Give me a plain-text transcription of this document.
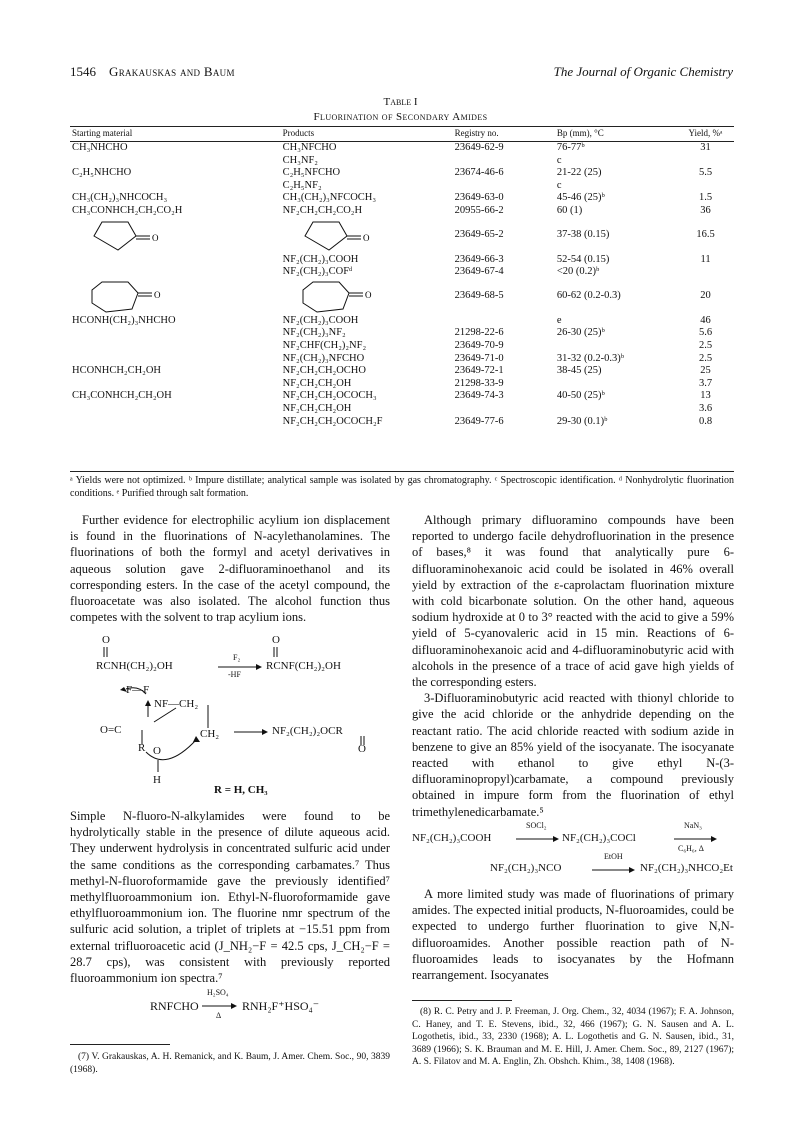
1546 Grakauskas and Baum	The Journal of Organic Chemistry
Table I
Fluorination of Secondary Amides
Starting material	Products	Registry no.	Bp (mm), °C	Yield, %ᵃ
CH₃NHCHO	CH₃NFCHO	23649-62-9	76-77ᵇ	31
	CH₃NF₂		c	
C₂H₅NHCHO	C₂H₅NFCHO	23674-46-6	21-22 (25)	5.5
	C₂H₅NF₂		c	
CH₃(CH₂)₃NHCOCH₃	CH₃(CH₂)₃NFCOCH₃	23649-63-0	45-46 (25)ᵇ	1.5
CH₃CONHCH₂CH₂CO₂H	NF₂CH₂CH₂CO₂H	20955-66-2	60 (1)	36

O	O	23649-65-2	37-38 (0.15)	16.5
	NF₂(CH₂)₃COOH	23649-66-3	52-54 (0.15)	11
	NF₂(CH₂)₃COFᵈ	23649-67-4	<20 (0.2)ᵇ	

O	O	23649-68-5	60-62 (0.2-0.3)	20
HCONH(CH₂)₃NHCHO	NF₂(CH₂)₃COOH		e	46
	NF₂(CH₂)₃NF₂	21298-22-6	26-30 (25)ᵇ	5.6
	NF₂CHF(CH₂)₂NF₂	23649-70-9		2.5
	NF₂(CH₂)₃NFCHO	23649-71-0	31-32 (0.2-0.3)ᵇ	2.5
HCONHCH₂CH₂OH	NF₂CH₂CH₂OCHO	23649-72-1	38-45 (25)	25
	NF₂CH₂CH₂OH	21298-33-9		3.7
CH₃CONHCH₂CH₂OH	NF₂CH₂CH₂OCOCH₃	23649-74-3	40-50 (25)ᵇ	13
	NF₂CH₂CH₂OH			3.6
	NF₂CH₂CH₂OCOCH₂F	23649-77-6	29-30 (0.1)ᵇ	0.8
ᵃ Yields were not optimized. ᵇ Impure distillate; analytical sample was isolated by gas chromatography. ᶜ Spectroscopic identification. ᵈ Nonhydrolytic fluorination conditions. ᵉ Purified through salt formation.

Further evidence for electrophilic acylium ion displacement is found in the fluorinations of N-acylethanolamines. The fluorinations of both the formyl and acetyl derivatives in aqueous solution gave 2-difluoraminoethanol and its corresponding esters. In the case of the acetyl compound, the fluoroacetate was also isolated. The alcohol function thus competes with the solvent to trap acylium ions.

O
RCNH(CH₂)₂OH
F₂
-HF
O
RCNF(CH₂)₂OH
F—F
NF—CH₂
O=C
R O
CH₂
H
NF₂(CH₂)₂OCR
O
R = H, CH₃

Simple N-fluoro-N-alkylamides were found to be hydrolytically stable in the presence of dilute aqueous acid. They underwent hydrolysis in concentrated sulfuric acid under the same conditions as the corresponding carbamates.⁷ Thus methyl-N-fluoroformamide gave the previously identified⁷ methylfluoroammonium ion. Ethyl-N-fluoroformamide gave ethylfluoroammonium ion. The fluorine nmr spectrum of the sulfuric acid solution, a triplet of triplets at −15.51 ppm from external trifluoroacetic acid (J_NH₂−F = 42.5 cps, J_CH₂−F = 28.7 cps), was consistent with previously reported fluoroammonium ion spectra.⁷

RNFCHO
H₂SO₄
Δ
RNH₂F⁺HSO₄⁻

(7) V. Grakauskas, A. H. Remanick, and K. Baum, J. Amer. Chem. Soc., 90, 3839 (1968).

Although primary difluoramino compounds have been reported to undergo facile dehydrofluorination in the presence of bases,⁸ it was found that analytically pure 6-difluoraminohexanoic acid could be isolated in 46% overall yield by extraction of the ε-caprolactam fluorination mixture with cold bicarbonate solution. On the other hand, aqueous sodium hydroxide at 0 to 3° reacted with the acid to give a 59% yield of 5-cyanovaleric acid in 15 min. Reactions of 6-difluoraminohexanoic acid and 4-difluoraminobutyric acid with alcohols in the presence of a trace of acid gave high yields of the corresponding esters.

3-Difluoraminobutyric acid reacted with thionyl chloride to give the acid chloride or the anhydride depending on the reactant ratio. The acid chloride reacted with sodium azide in benzene to give an 85% yield of the isocyanate. The isocyanate reacted with ethanol to give ethyl N-(3-difluoraminopropyl)carbamate, a compound previously obtained in impure form from the fluorination of ethyl trimethylenedicarbamate.⁵

NF₂(CH₂)₃COOH
SOCl₂
→ NF₂(CH₂)₃COCl
NaN₃
C₆H₆, Δ
NF₂(CH₂)₃NCO
EtOH
→ NF₂(CH₂)₃NHCO₂Et

A more limited study was made of fluorinations of primary amides. The expected initial products, N-fluoroamides, could be expected to undergo further fluorination to give N,N-difluoroamides. Another possible reaction path of N-fluoroamides leads to isocyanates by the Hofmann rearrangement. Isocyanates

(8) R. C. Petry and J. P. Freeman, J. Org. Chem., 32, 4034 (1967); F. A. Johnson, C. Haney, and T. E. Stevens, ibid., 32, 466 (1967); G. N. Sausen and A. L. Logothetis, ibid., 33, 2330 (1968); A. L. Logothetis and G. N. Sausen, ibid., 31, 3689 (1966); S. K. Brauman and M. E. Hill, J. Amer. Chem. Soc., 89, 2127 (1967); A. S. Filatov and M. A. Englin, Zh. Obshch. Khim., 38, 1408 (1968).
